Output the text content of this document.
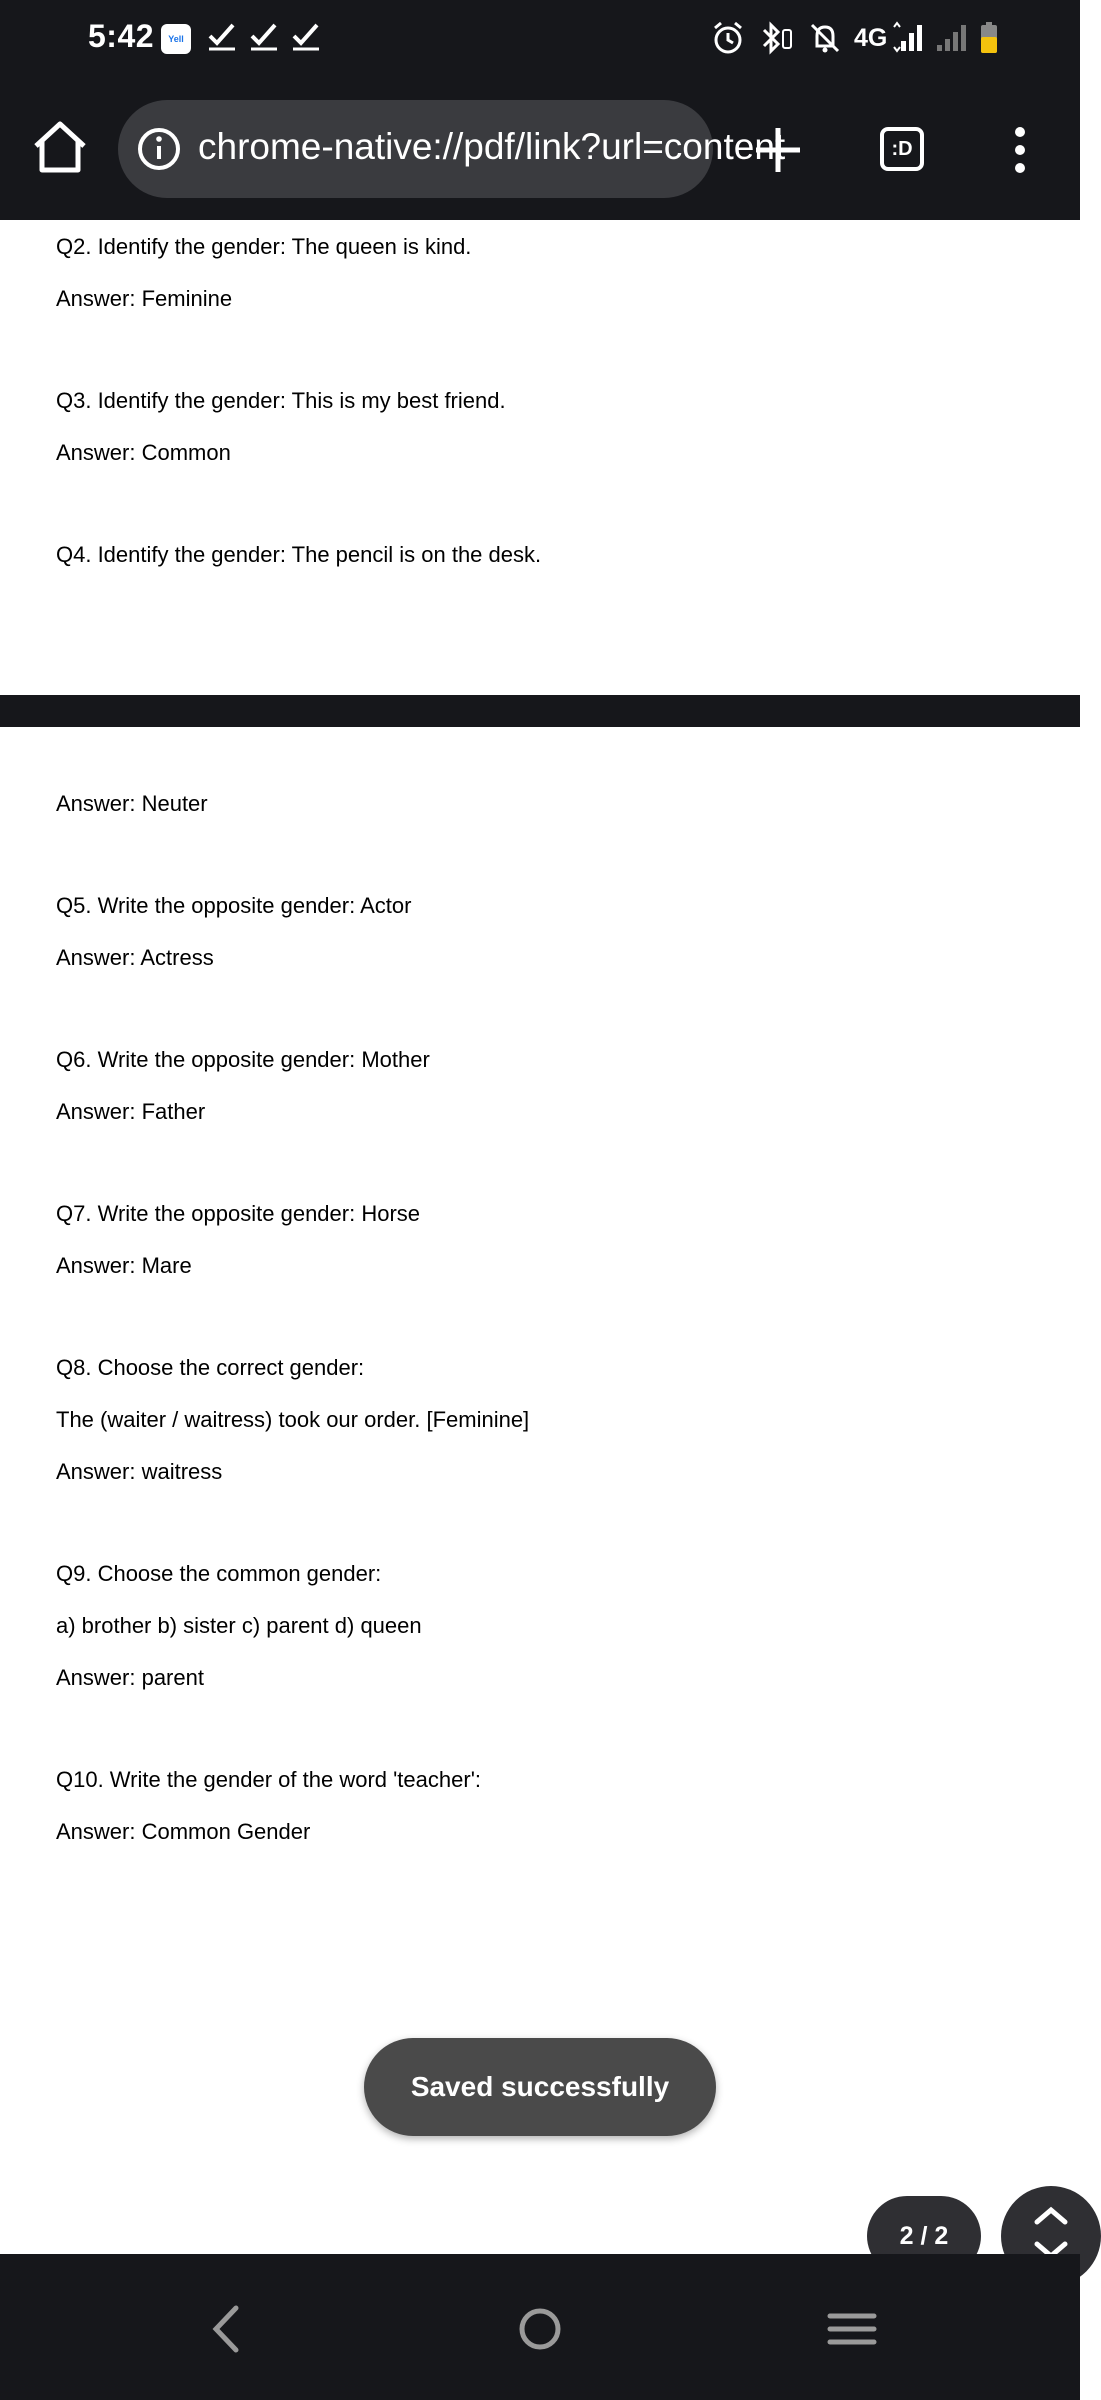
5:42	Yell	4G
chrome-native://pdf/link?url=content	:D
Q2. Identify the gender: The queen is kind.
Answer: Feminine
Q3. Identify the gender: This is my best friend.
Answer: Common
Q4. Identify the gender: The pencil is on the desk.
Answer: Neuter
Q5. Write the opposite gender: Actor
Answer: Actress
Q6. Write the opposite gender: Mother
Answer: Father
Q7. Write the opposite gender: Horse
Answer: Mare
Q8. Choose the correct gender:
The (waiter / waitress) took our order. [Feminine]
Answer: waitress
Q9. Choose the common gender:
a) brother b) sister c) parent d) queen
Answer: parent
Q10. Write the gender of the word 'teacher':
Answer: Common Gender
Saved successfully
2 / 2
